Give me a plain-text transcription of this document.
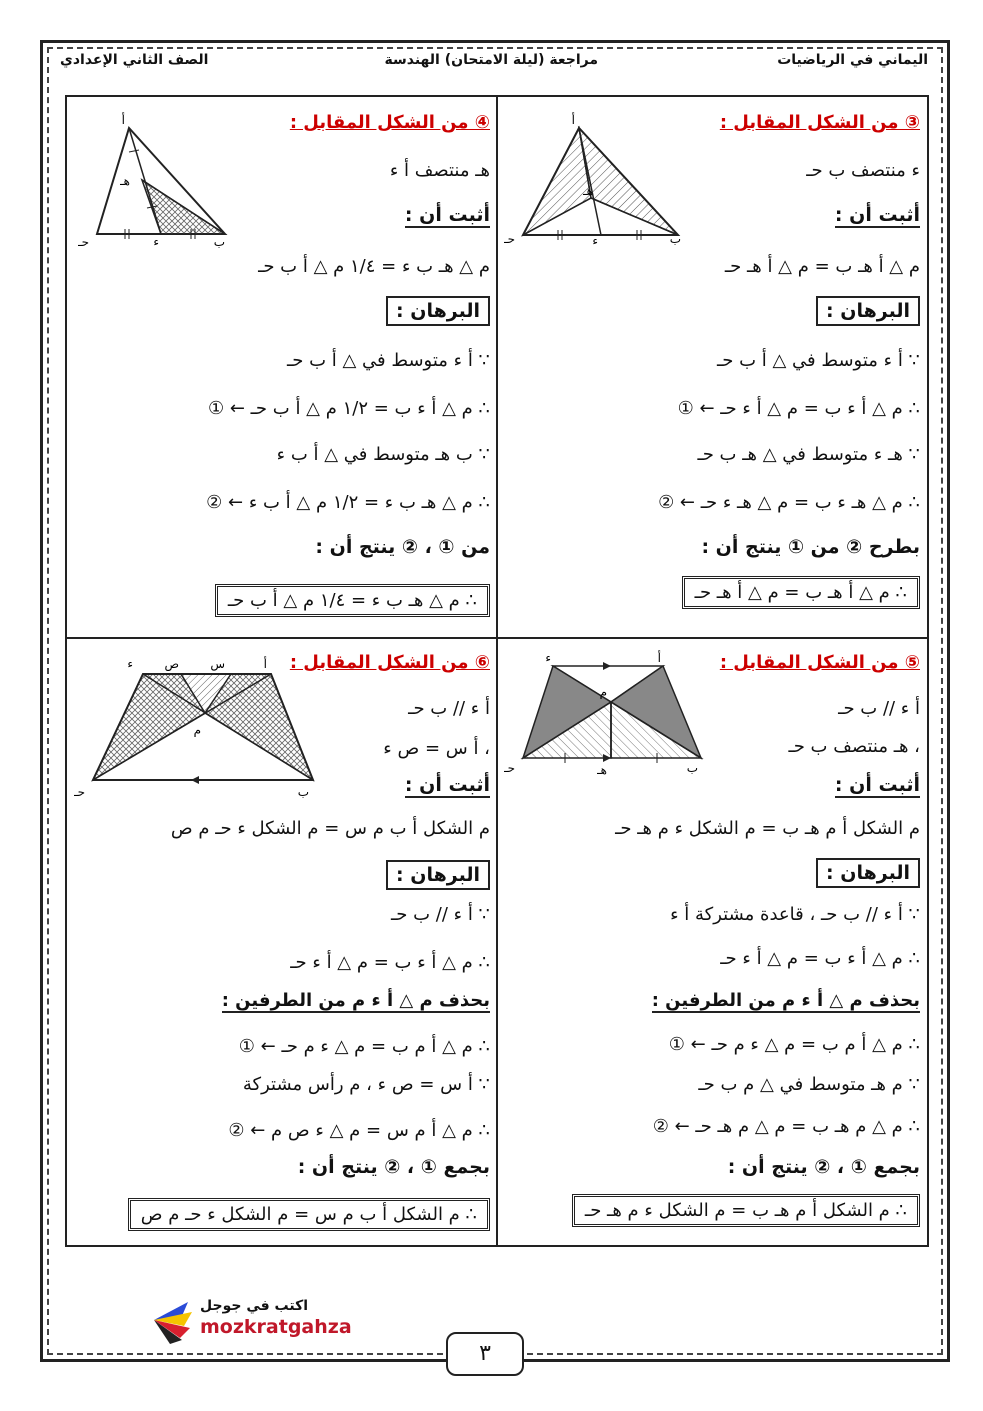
اليماني في الرياضيات
مراجعة (ليلة الامتحان) الهندسة
الصف الثاني الإعدادي
③ من الشكل المقابل :
ء منتصف ب حـ
أثبت أن :
م △ أ هـ ب = م △ أ هـ حـ
البرهان :
∵ أ ء متوسط في △ أ ب حـ
∴ م △ أ ء ب = م △ أ ء حـ ← ①
∵ هـ ء متوسط في △ هـ ب حـ
∴ م △ هـ ء ب = م △ هـ ء حـ ← ②
بطرح ② من ① ينتج أن :
∴ م △ أ هـ ب = م △ أ هـ حـ
أ
ب
حـ	ء
هـ
④ من الشكل المقابل :
هـ منتصف أ ء
أثبت أن :
م △ هـ ب ء = ١/٤ م △ أ ب حـ
البرهان :
∵ أ ء متوسط في △ أ ب حـ
∴ م △ أ ء ب = ١/٢ م △ أ ب حـ ← ①
∵ ب هـ متوسط في △ أ ب ء
∴ م △ هـ ب ء = ١/٢ م △ أ ب ء ← ②
من ① ، ② ينتج أن :
∴ م △ هـ ب ء = ١/٤ م △ أ ب حـ
أ
ب
حـ	ء
هـ
⑤ من الشكل المقابل :
أ ء // ب حـ
، هـ منتصف ب حـ
أثبت أن :
م الشكل أ م هـ ب = م الشكل ء م هـ حـ
البرهان :
∵ أ ء // ب حـ ، قاعدة مشتركة أ ء
∴ م △ أ ء ب = م △ أ ء حـ
بحذف م △ أ ء م من الطرفين :
∴ م △ أ م ب = م △ ء م حـ ← ①
∵ م هـ متوسط في △ م ب حـ
∴ م △ م هـ ب = م △ م هـ حـ ← ②
بجمع ① ، ② ينتج أن :
∴ م الشكل أ م هـ ب = م الشكل ء م هـ حـ
أ
ب
حـ
ء
هـ
م
⑥ من الشكل المقابل :
أ ء // ب حـ
، أ س = ص ء
أثبت أن :
م الشكل أ ب م س = م الشكل ء حـ م ص
البرهان :
∵ أ ء // ب حـ
∴ م △ أ ء ب = م △ أ ء حـ
بحذف م △ أ ء م من الطرفين :
∴ م △ أ م ب = م △ ء م حـ ← ①
∵ أ س = ص ء ، م رأس مشتركة
∴ م △ أ م س = م △ ء ص م ← ②
بجمع ① ، ② ينتج أن :
∴ م الشكل أ ب م س = م الشكل ء حـ م ص
أ
ب
حـ
ء	س
ص
م
اكتب في جوجل
mozkratgahza
٣
